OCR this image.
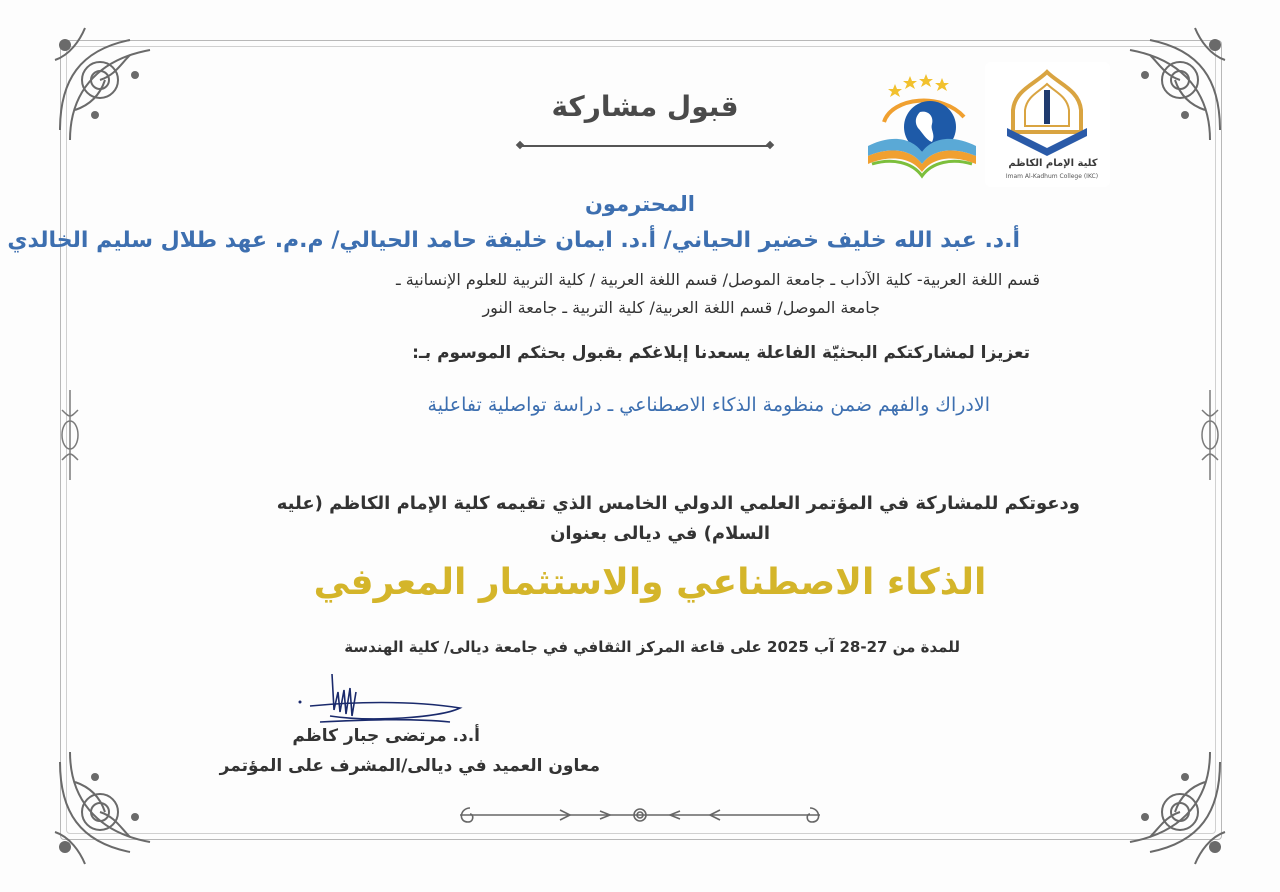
كلية الإمام الكاظم
Imam Al-Kadhum College (IKC)
قبول مشاركة
المحترمون
أ.د. عبد الله خليف خضير الحياني/ أ.د. ايمان خليفة حامد الحيالي/ م.م. عهد طلال سليم الخالدي
قسم اللغة العربية- كلية الآداب ـ جامعة الموصل/ قسم اللغة العربية / كلية التربية للعلوم الإنسانية ـ
جامعة الموصل/ قسم اللغة العربية/ كلية التربية ـ جامعة النور
تعزيزا لمشاركتكم البحثيّة الفاعلة يسعدنا إبلاغكم بقبول بحثكم الموسوم بـ:
الادراك والفهم ضمن منظومة الذكاء الاصطناعي ـ دراسة تواصلية تفاعلية
ودعوتكم للمشاركة في المؤتمر العلمي الدولي الخامس الذي تقيمه كلية الإمام الكاظم (عليه
السلام) في ديالى بعنوان
الذكاء الاصطناعي والاستثمار المعرفي
للمدة من 27-28 آب 2025 على قاعة المركز الثقافي في جامعة ديالى/ كلية الهندسة
أ.د. مرتضى جبار كاظم
معاون العميد في ديالى/المشرف على المؤتمر
